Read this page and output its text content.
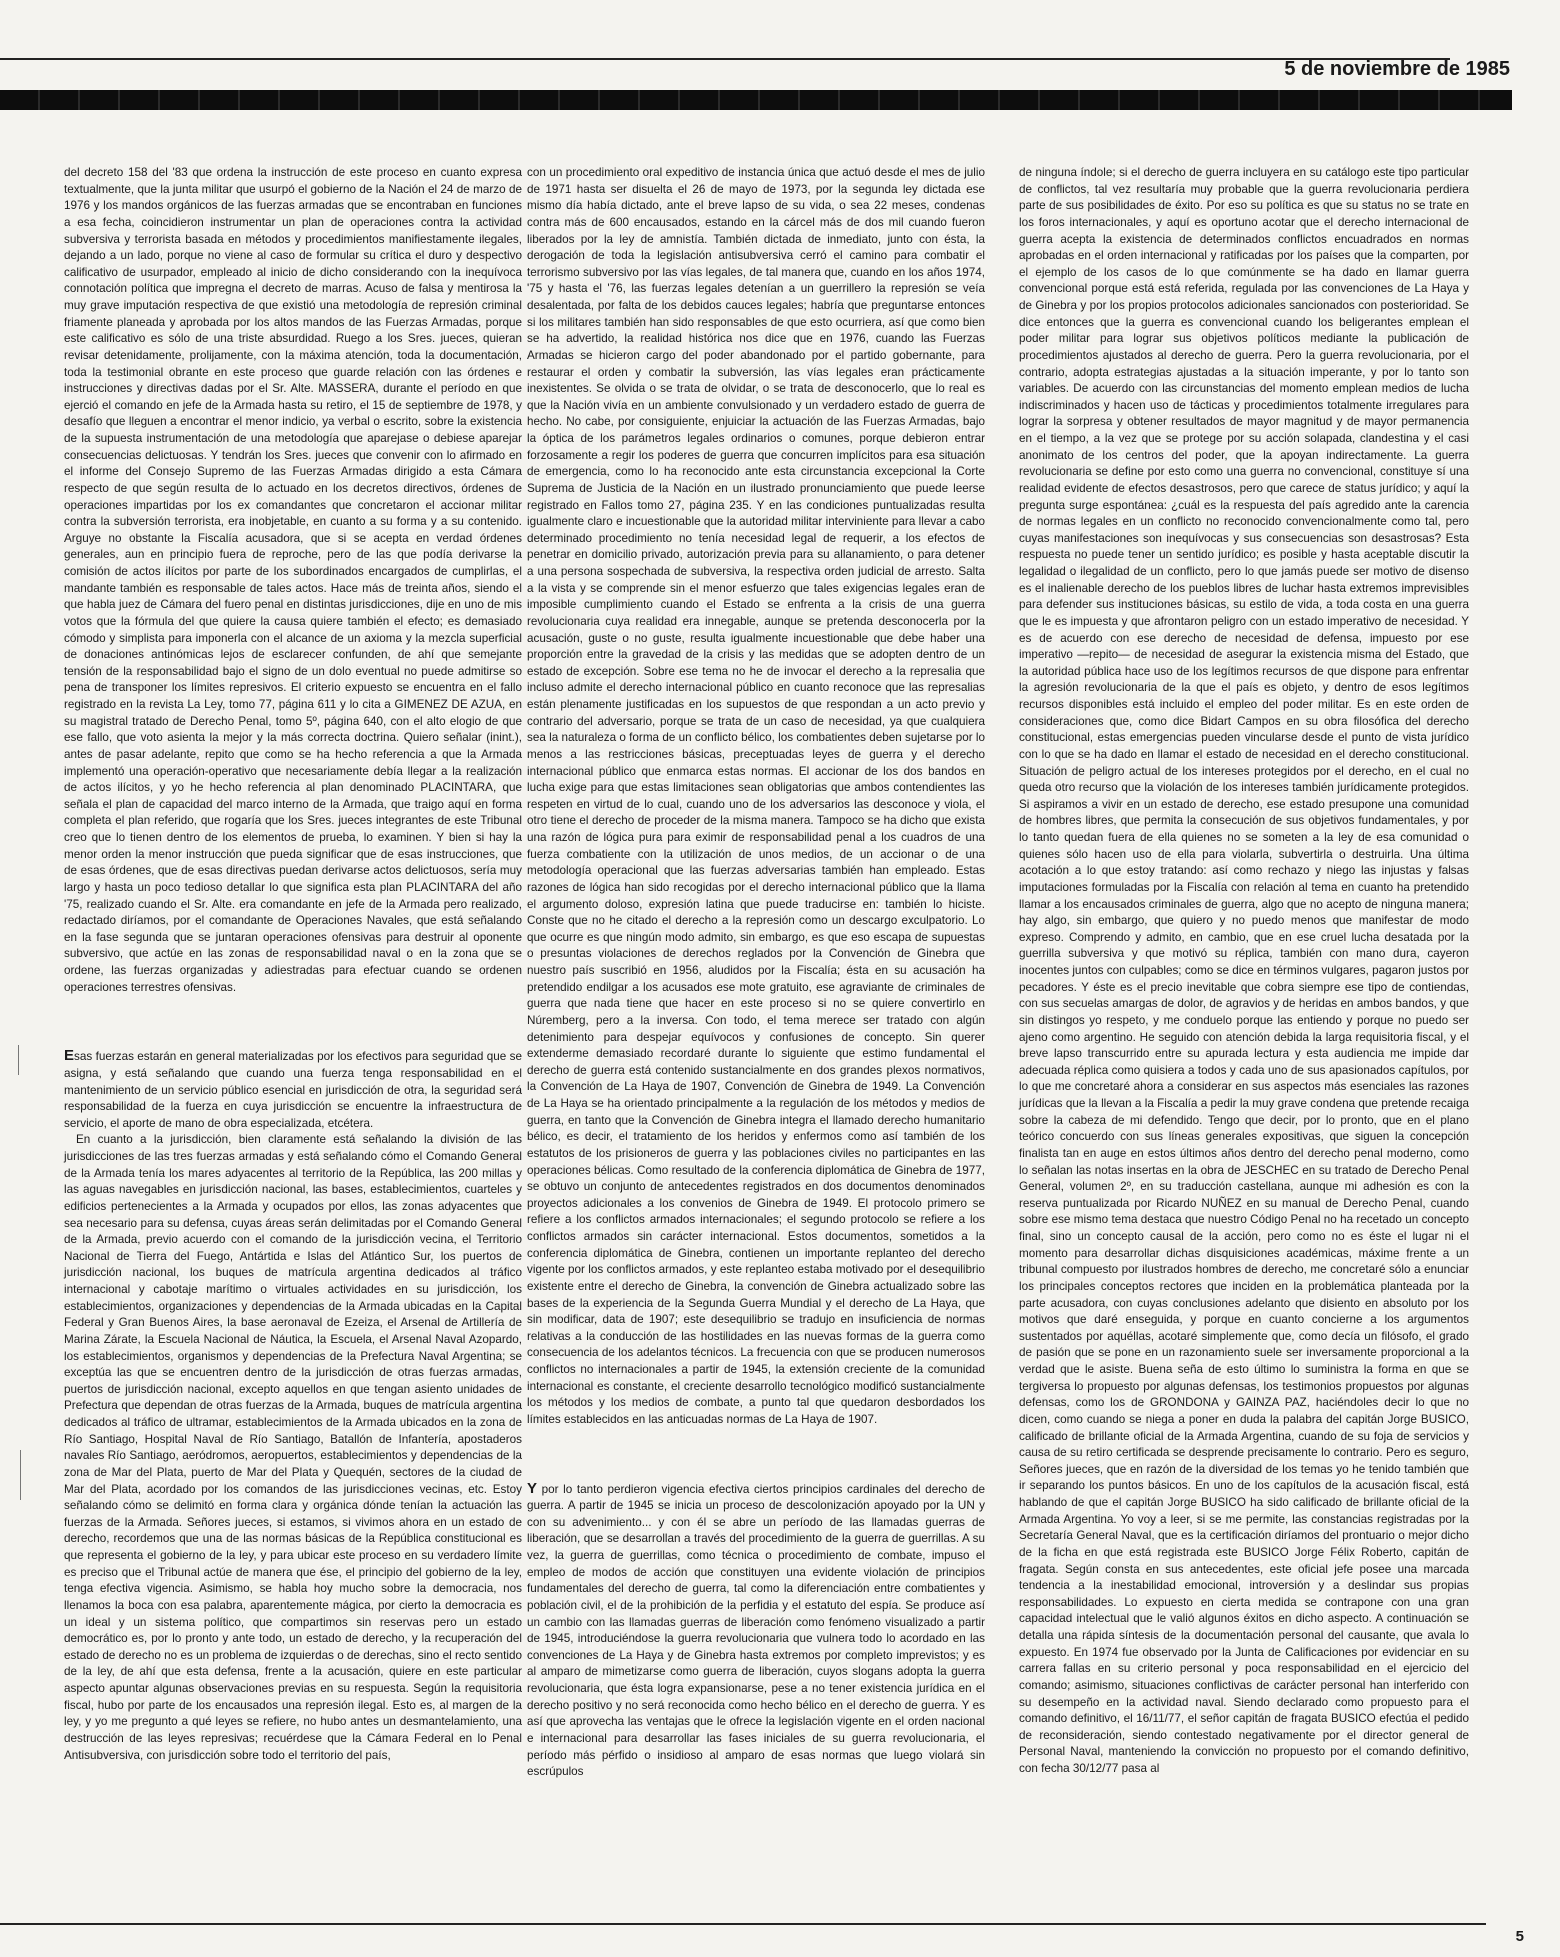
5 de noviembre de 1985

del decreto 158 del '83 que ordena la instrucción de este proceso en cuanto expresa textualmente, que la junta militar que usurpó el gobierno de la Nación el 24 de marzo de 1976 y los mandos orgánicos de las fuerzas armadas que se encontraban en funciones a esa fecha, coincidieron instrumentar un plan de operaciones contra la actividad subversiva y terrorista basada en métodos y procedimientos manifiestamente ilegales, dejando a un lado, porque no viene al caso de formular su crítica el duro y despectivo calificativo de usurpador, empleado al inicio de dicho considerando con la inequívoca connotación política que impregna el decreto de marras. Acuso de falsa y mentirosa la muy grave imputación respectiva de que existió una metodología de represión criminal friamente planeada y aprobada por los altos mandos de las Fuerzas Armadas, porque este calificativo es sólo de una triste absurdidad. Ruego a los Sres. jueces, quieran revisar detenidamente, prolijamente, con la máxima atención, toda la documentación, toda la testimonial obrante en este proceso que guarde relación con las órdenes e instrucciones y directivas dadas por el Sr. Alte. MASSERA, durante el período en que ejerció el comando en jefe de la Armada hasta su retiro, el 15 de septiembre de 1978, y desafío que lleguen a encontrar el menor indicio, ya verbal o escrito, sobre la existencia de la supuesta instrumentación de una metodología que aparejase o debiese aparejar consecuencias delictuosas. Y tendrán los Sres. jueces que convenir con lo afirmado en el informe del Consejo Supremo de las Fuerzas Armadas dirigido a esta Cámara respecto de que según resulta de lo actuado en los decretos directivos, órdenes de operaciones impartidas por los ex comandantes que concretaron el accionar militar contra la subversión terrorista, era inobjetable, en cuanto a su forma y a su contenido. Arguye no obstante la Fiscalía acusadora, que si se acepta en verdad órdenes generales, aun en principio fuera de reproche, pero de las que podía derivarse la comisión de actos ilícitos por parte de los subordinados encargados de cumplirlas, el mandante también es responsable de tales actos. Hace más de treinta años, siendo el que habla juez de Cámara del fuero penal en distintas jurisdicciones, dije en uno de mis votos que la fórmula del que quiere la causa quiere también el efecto; es demasiado cómodo y simplista para imponerla con el alcance de un axioma y la mezcla superficial de donaciones antinómicas lejos de esclarecer confunden, de ahí que semejante tensión de la responsabilidad bajo el signo de un dolo eventual no puede admitirse so pena de transponer los límites represivos. El criterio expuesto se encuentra en el fallo registrado en la revista La Ley, tomo 77, página 611 y lo cita a GIMENEZ DE AZUA, en su magistral tratado de Derecho Penal, tomo 5º, página 640, con el alto elogio de que ese fallo, que voto asienta la mejor y la más correcta doctrina. Quiero señalar (inint.), antes de pasar adelante, repito que como se ha hecho referencia a que la Armada implementó una operación-operativo que necesariamente debía llegar a la realización de actos ilícitos, y yo he hecho referencia al plan denominado PLACINTARA, que señala el plan de capacidad del marco interno de la Armada, que traigo aquí en forma completa el plan referido, que rogaría que los Sres. jueces integrantes de este Tribunal creo que lo tienen dentro de los elementos de prueba, lo examinen. Y bien si hay la menor orden la menor instrucción que pueda significar que de esas instrucciones, que de esas órdenes, que de esas directivas puedan derivarse actos delictuosos, sería muy largo y hasta un poco tedioso detallar lo que significa esta plan PLACINTARA del año '75, realizado cuando el Sr. Alte. era comandante en jefe de la Armada pero realizado, redactado diríamos, por el comandante de Operaciones Navales, que está señalando en la fase segunda que se juntaran operaciones ofensivas para destruir al oponente subversivo, que actúe en las zonas de responsabilidad naval o en la zona que se ordene, las fuerzas organizadas y adiestradas para efectuar cuando se ordenen operaciones terrestres ofensivas.

Esas fuerzas estarán en general materializadas por los efectivos para seguridad que se asigna, y está señalando que cuando una fuerza tenga responsabilidad en el mantenimiento de un servicio público esencial en jurisdicción de otra, la seguridad será responsabilidad de la fuerza en cuya jurisdicción se encuentre la infraestructura de servicio, el aporte de mano de obra especializada, etcétera.

En cuanto a la jurisdicción, bien claramente está señalando la división de las jurisdicciones de las tres fuerzas armadas y está señalando cómo el Comando General de la Armada tenía los mares adyacentes al territorio de la República, las 200 millas y las aguas navegables en jurisdicción nacional, las bases, establecimientos, cuarteles y edificios pertenecientes a la Armada y ocupados por ellos, las zonas adyacentes que sea necesario para su defensa, cuyas áreas serán delimitadas por el Comando General de la Armada, previo acuerdo con el comando de la jurisdicción vecina, el Territorio Nacional de Tierra del Fuego, Antártida e Islas del Atlántico Sur, los puertos de jurisdicción nacional, los buques de matrícula argentina dedicados al tráfico internacional y cabotaje marítimo o virtuales actividades en su jurisdicción, los establecimientos, organizaciones y dependencias de la Armada ubicadas en la Capital Federal y Gran Buenos Aires, la base aeronaval de Ezeiza, el Arsenal de Artillería de Marina Zárate, la Escuela Nacional de Náutica, la Escuela, el Arsenal Naval Azopardo, los establecimientos, organismos y dependencias de la Prefectura Naval Argentina; se exceptúa las que se encuentren dentro de la jurisdicción de otras fuerzas armadas, puertos de jurisdicción nacional, excepto aquellos en que tengan asiento unidades de Prefectura que dependan de otras fuerzas de la Armada, buques de matrícula argentina dedicados al tráfico de ultramar, establecimientos de la Armada ubicados en la zona de Río Santiago, Hospital Naval de Río Santiago, Batallón de Infantería, apostaderos navales Río Santiago, aeródromos, aeropuertos, establecimientos y dependencias de la zona de Mar del Plata, puerto de Mar del Plata y Quequén, sectores de la ciudad de Mar del Plata, acordado por los comandos de las jurisdicciones vecinas, etc. Estoy señalando cómo se delimitó en forma clara y orgánica dónde tenían la actuación las fuerzas de la Armada. Señores jueces, si estamos, si vivimos ahora en un estado de derecho, recordemos que una de las normas básicas de la República constitucional es que representa el gobierno de la ley, y para ubicar este proceso en su verdadero límite es preciso que el Tribunal actúe de manera que ése, el principio del gobierno de la ley, tenga efectiva vigencia. Asimismo, se habla hoy mucho sobre la democracia, nos llenamos la boca con esa palabra, aparentemente mágica, por cierto la democracia es un ideal y un sistema político, que compartimos sin reservas pero un estado democrático es, por lo pronto y ante todo, un estado de derecho, y la recuperación del estado de derecho no es un problema de izquierdas o de derechas, sino el recto sentido de la ley, de ahí que esta defensa, frente a la acusación, quiere en este particular aspecto apuntar algunas observaciones previas en su respuesta. Según la requisitoria fiscal, hubo por parte de los encausados una represión ilegal. Esto es, al margen de la ley, y yo me pregunto a qué leyes se refiere, no hubo antes un desmantelamiento, una destrucción de las leyes represivas; recuérdese que la Cámara Federal en lo Penal Antisubversiva, con jurisdicción sobre todo el territorio del país,

con un procedimiento oral expeditivo de instancia única que actuó desde el mes de julio de 1971 hasta ser disuelta el 26 de mayo de 1973, por la segunda ley dictada ese mismo día había dictado, ante el breve lapso de su vida, o sea 22 meses, condenas contra más de 600 encausados, estando en la cárcel más de dos mil cuando fueron liberados por la ley de amnistía. También dictada de inmediato, junto con ésta, la derogación de toda la legislación antisubversiva cerró el camino para combatir el terrorismo subversivo por las vías legales, de tal manera que, cuando en los años 1974, '75 y hasta el '76, las fuerzas legales detenían a un guerrillero la represión se veía desalentada, por falta de los debidos cauces legales; habría que preguntarse entonces si los militares también han sido responsables de que esto ocurriera, así que como bien se ha advertido, la realidad histórica nos dice que en 1976, cuando las Fuerzas Armadas se hicieron cargo del poder abandonado por el partido gobernante, para restaurar el orden y combatir la subversión, las vías legales eran prácticamente inexistentes. Se olvida o se trata de olvidar, o se trata de desconocerlo, que lo real es que la Nación vivía en un ambiente convulsionado y un verdadero estado de guerra de hecho. No cabe, por consiguiente, enjuiciar la actuación de las Fuerzas Armadas, bajo la óptica de los parámetros legales ordinarios o comunes, porque debieron entrar forzosamente a regir los poderes de guerra que concurren implícitos para esa situación de emergencia, como lo ha reconocido ante esta circunstancia excepcional la Corte Suprema de Justicia de la Nación en un ilustrado pronunciamiento que puede leerse registrado en Fallos tomo 27, página 235. Y en las condiciones puntualizadas resulta igualmente claro e incuestionable que la autoridad militar interviniente para llevar a cabo determinado procedimiento no tenía necesidad legal de requerir, a los efectos de penetrar en domicilio privado, autorización previa para su allanamiento, o para detener a una persona sospechada de subversiva, la respectiva orden judicial de arresto. Salta a la vista y se comprende sin el menor esfuerzo que tales exigencias legales eran de imposible cumplimiento cuando el Estado se enfrenta a la crisis de una guerra revolucionaria cuya realidad era innegable, aunque se pretenda desconocerla por la acusación, guste o no guste, resulta igualmente incuestionable que debe haber una proporción entre la gravedad de la crisis y las medidas que se adopten dentro de un estado de excepción. Sobre ese tema no he de invocar el derecho a la represalia que incluso admite el derecho internacional público en cuanto reconoce que las represalias están plenamente justificadas en los supuestos de que respondan a un acto previo y contrario del adversario, porque se trata de un caso de necesidad, ya que cualquiera sea la naturaleza o forma de un conflicto bélico, los combatientes deben sujetarse por lo menos a las restricciones básicas, preceptuadas leyes de guerra y el derecho internacional público que enmarca estas normas. El accionar de los dos bandos en lucha exige para que estas limitaciones sean obligatorias que ambos contendientes las respeten en virtud de lo cual, cuando uno de los adversarios las desconoce y viola, el otro tiene el derecho de proceder de la misma manera. Tampoco se ha dicho que exista una razón de lógica pura para eximir de responsabilidad penal a los cuadros de una fuerza combatiente con la utilización de unos medios, de un accionar o de una metodología operacional que las fuerzas adversarias también han empleado. Estas razones de lógica han sido recogidas por el derecho internacional público que la llama el argumento doloso, expresión latina que puede traducirse en: también lo hiciste. Conste que no he citado el derecho a la represión como un descargo exculpatorio. Lo que ocurre es que ningún modo admito, sin embargo, es que eso escapa de supuestas o presuntas violaciones de derechos reglados por la Convención de Ginebra que nuestro país suscribió en 1956, aludidos por la Fiscalía; ésta en su acusación ha pretendido endilgar a los acusados ese mote gratuito, ese agraviante de criminales de guerra que nada tiene que hacer en este proceso si no se quiere convertirlo en Núremberg, pero a la inversa. Con todo, el tema merece ser tratado con algún detenimiento para despejar equívocos y confusiones de concepto. Sin querer extenderme demasiado recordaré durante lo siguiente que estimo fundamental el derecho de guerra está contenido sustancialmente en dos grandes plexos normativos, la Convención de La Haya de 1907, Convención de Ginebra de 1949. La Convención de La Haya se ha orientado principalmente a la regulación de los métodos y medios de guerra, en tanto que la Convención de Ginebra integra el llamado derecho humanitario bélico, es decir, el tratamiento de los heridos y enfermos como así también de los estatutos de los prisioneros de guerra y las poblaciones civiles no participantes en las operaciones bélicas. Como resultado de la conferencia diplomática de Ginebra de 1977, se obtuvo un conjunto de antecedentes registrados en dos documentos denominados proyectos adicionales a los convenios de Ginebra de 1949. El protocolo primero se refiere a los conflictos armados internacionales; el segundo protocolo se refiere a los conflictos armados sin carácter internacional. Estos documentos, sometidos a la conferencia diplomática de Ginebra, contienen un importante replanteo del derecho vigente por los conflictos armados, y este replanteo estaba motivado por el desequilibrio existente entre el derecho de Ginebra, la convención de Ginebra actualizado sobre las bases de la experiencia de la Segunda Guerra Mundial y el derecho de La Haya, que sin modificar, data de 1907; este desequilibrio se tradujo en insuficiencia de normas relativas a la conducción de las hostilidades en las nuevas formas de la guerra como consecuencia de los adelantos técnicos. La frecuencia con que se producen numerosos conflictos no internacionales a partir de 1945, la extensión creciente de la comunidad internacional es constante, el creciente desarrollo tecnológico modificó sustancialmente los métodos y los medios de combate, a punto tal que quedaron desbordados los límites establecidos en las anticuadas normas de La Haya de 1907.

Y por lo tanto perdieron vigencia efectiva ciertos principios cardinales del derecho de guerra. A partir de 1945 se inicia un proceso de descolonización apoyado por la UN y con su advenimiento... y con él se abre un período de las llamadas guerras de liberación, que se desarrollan a través del procedimiento de la guerra de guerrillas. A su vez, la guerra de guerrillas, como técnica o procedimiento de combate, impuso el empleo de modos de acción que constituyen una evidente violación de principios fundamentales del derecho de guerra, tal como la diferenciación entre combatientes y población civil, el de la prohibición de la perfidia y el estatuto del espía. Se produce así un cambio con las llamadas guerras de liberación como fenómeno visualizado a partir de 1945, introduciéndose la guerra revolucionaria que vulnera todo lo acordado en las convenciones de La Haya y de Ginebra hasta extremos por completo imprevistos; y es al amparo de mimetizarse como guerra de liberación, cuyos slogans adopta la guerra revolucionaria, que ésta logra expansionarse, pese a no tener existencia jurídica en el derecho positivo y no será reconocida como hecho bélico en el derecho de guerra. Y es así que aprovecha las ventajas que le ofrece la legislación vigente en el orden nacional e internacional para desarrollar las fases iniciales de su guerra revolucionaria, el período más pérfido o insidioso al amparo de esas normas que luego violará sin escrúpulos

de ninguna índole; si el derecho de guerra incluyera en su catálogo este tipo particular de conflictos, tal vez resultaría muy probable que la guerra revolucionaria perdiera parte de sus posibilidades de éxito. Por eso su política es que su status no se trate en los foros internacionales, y aquí es oportuno acotar que el derecho internacional de guerra acepta la existencia de determinados conflictos encuadrados en normas aprobadas en el orden internacional y ratificadas por los países que la comparten, por el ejemplo de los casos de lo que comúnmente se ha dado en llamar guerra convencional porque está está referida, regulada por las convenciones de La Haya y de Ginebra y por los propios protocolos adicionales sancionados con posterioridad. Se dice entonces que la guerra es convencional cuando los beligerantes emplean el poder militar para lograr sus objetivos políticos mediante la publicación de procedimientos ajustados al derecho de guerra. Pero la guerra revolucionaria, por el contrario, adopta estrategias ajustadas a la situación imperante, y por lo tanto son variables. De acuerdo con las circunstancias del momento emplean medios de lucha indiscriminados y hacen uso de tácticas y procedimientos totalmente irregulares para lograr la sorpresa y obtener resultados de mayor magnitud y de mayor permanencia en el tiempo, a la vez que se protege por su acción solapada, clandestina y el casi anonimato de los centros del poder, que la apoyan indirectamente. La guerra revolucionaria se define por esto como una guerra no convencional, constituye sí una realidad evidente de efectos desastrosos, pero que carece de status jurídico; y aquí la pregunta surge espontánea: ¿cuál es la respuesta del país agredido ante la carencia de normas legales en un conflicto no reconocido convencionalmente como tal, pero cuyas manifestaciones son inequívocas y sus consecuencias son desastrosas? Esta respuesta no puede tener un sentido jurídico; es posible y hasta aceptable discutir la legalidad o ilegalidad de un conflicto, pero lo que jamás puede ser motivo de disenso es el inalienable derecho de los pueblos libres de luchar hasta extremos imprevisibles para defender sus instituciones básicas, su estilo de vida, a toda costa en una guerra que le es impuesta y que afrontaron peligro con un estado imperativo de necesidad. Y es de acuerdo con ese derecho de necesidad de defensa, impuesto por ese imperativo —repito— de necesidad de asegurar la existencia misma del Estado, que la autoridad pública hace uso de los legítimos recursos de que dispone para enfrentar la agresión revolucionaria de la que el país es objeto, y dentro de esos legítimos recursos disponibles está incluido el empleo del poder militar. Es en este orden de consideraciones que, como dice Bidart Campos en su obra filosófica del derecho constitucional, estas emergencias pueden vincularse desde el punto de vista jurídico con lo que se ha dado en llamar el estado de necesidad en el derecho constitucional. Situación de peligro actual de los intereses protegidos por el derecho, en el cual no queda otro recurso que la violación de los intereses también jurídicamente protegidos. Si aspiramos a vivir en un estado de derecho, ese estado presupone una comunidad de hombres libres, que permita la consecución de sus objetivos fundamentales, y por lo tanto quedan fuera de ella quienes no se someten a la ley de esa comunidad o quienes sólo hacen uso de ella para violarla, subvertirla o destruirla. Una última acotación a lo que estoy tratando: así como rechazo y niego las injustas y falsas imputaciones formuladas por la Fiscalía con relación al tema en cuanto ha pretendido llamar a los encausados criminales de guerra, algo que no acepto de ninguna manera; hay algo, sin embargo, que quiero y no puedo menos que manifestar de modo expreso. Comprendo y admito, en cambio, que en ese cruel lucha desatada por la guerrilla subversiva y que motivó su réplica, también con mano dura, cayeron inocentes juntos con culpables; como se dice en términos vulgares, pagaron justos por pecadores. Y éste es el precio inevitable que cobra siempre ese tipo de contiendas, con sus secuelas amargas de dolor, de agravios y de heridas en ambos bandos, y que sin distingos yo respeto, y me conduelo porque las entiendo y porque no puedo ser ajeno como argentino. He seguido con atención debida la larga requisitoria fiscal, y el breve lapso transcurrido entre su apurada lectura y esta audiencia me impide dar adecuada réplica como quisiera a todos y cada uno de sus apasionados capítulos, por lo que me concretaré ahora a considerar en sus aspectos más esenciales las razones jurídicas que la llevan a la Fiscalía a pedir la muy grave condena que pretende recaiga sobre la cabeza de mi defendido. Tengo que decir, por lo pronto, que en el plano teórico concuerdo con sus líneas generales expositivas, que siguen la concepción finalista tan en auge en estos últimos años dentro del derecho penal moderno, como lo señalan las notas insertas en la obra de JESCHEC en su tratado de Derecho Penal General, volumen 2º, en su traducción castellana, aunque mi adhesión es con la reserva puntualizada por Ricardo NUÑEZ en su manual de Derecho Penal, cuando sobre ese mismo tema destaca que nuestro Código Penal no ha recetado un concepto final, sino un concepto causal de la acción, pero como no es éste el lugar ni el momento para desarrollar dichas disquisiciones académicas, máxime frente a un tribunal compuesto por ilustrados hombres de derecho, me concretaré sólo a enunciar los principales conceptos rectores que inciden en la problemática planteada por la parte acusadora, con cuyas conclusiones adelanto que disiento en absoluto por los motivos que daré enseguida, y porque en cuanto concierne a los argumentos sustentados por aquéllas, acotaré simplemente que, como decía un filósofo, el grado de pasión que se pone en un razonamiento suele ser inversamente proporcional a la verdad que le asiste. Buena seña de esto último lo suministra la forma en que se tergiversa lo propuesto por algunas defensas, los testimonios propuestos por algunas defensas, como los de GRONDONA y GAINZA PAZ, haciéndoles decir lo que no dicen, como cuando se niega a poner en duda la palabra del capitán Jorge BUSICO, calificado de brillante oficial de la Armada Argentina, cuando de su foja de servicios y causa de su retiro certificada se desprende precisamente lo contrario. Pero es seguro, Señores jueces, que en razón de la diversidad de los temas yo he tenido también que ir separando los puntos básicos. En uno de los capítulos de la acusación fiscal, está hablando de que el capitán Jorge BUSICO ha sido calificado de brillante oficial de la Armada Argentina. Yo voy a leer, si se me permite, las constancias registradas por la Secretaría General Naval, que es la certificación diríamos del prontuario o mejor dicho de la ficha en que está registrada este BUSICO Jorge Félix Roberto, capitán de fragata. Según consta en sus antecedentes, este oficial jefe posee una marcada tendencia a la inestabilidad emocional, introversión y a deslindar sus propias responsabilidades. Lo expuesto en cierta medida se contrapone con una gran capacidad intelectual que le valió algunos éxitos en dicho aspecto. A continuación se detalla una rápida síntesis de la documentación personal del causante, que avala lo expuesto. En 1974 fue observado por la Junta de Calificaciones por evidenciar en su carrera fallas en su criterio personal y poca responsabilidad en el ejercicio del comando; asimismo, situaciones conflictivas de carácter personal han interferido con su desempeño en la actividad naval. Siendo declarado como propuesto para el comando definitivo, el 16/11/77, el señor capitán de fragata BUSICO efectúa el pedido de reconsideración, siendo contestado negativamente por el director general de Personal Naval, manteniendo la convicción no propuesto por el comando definitivo, con fecha 30/12/77 pasa al

5
